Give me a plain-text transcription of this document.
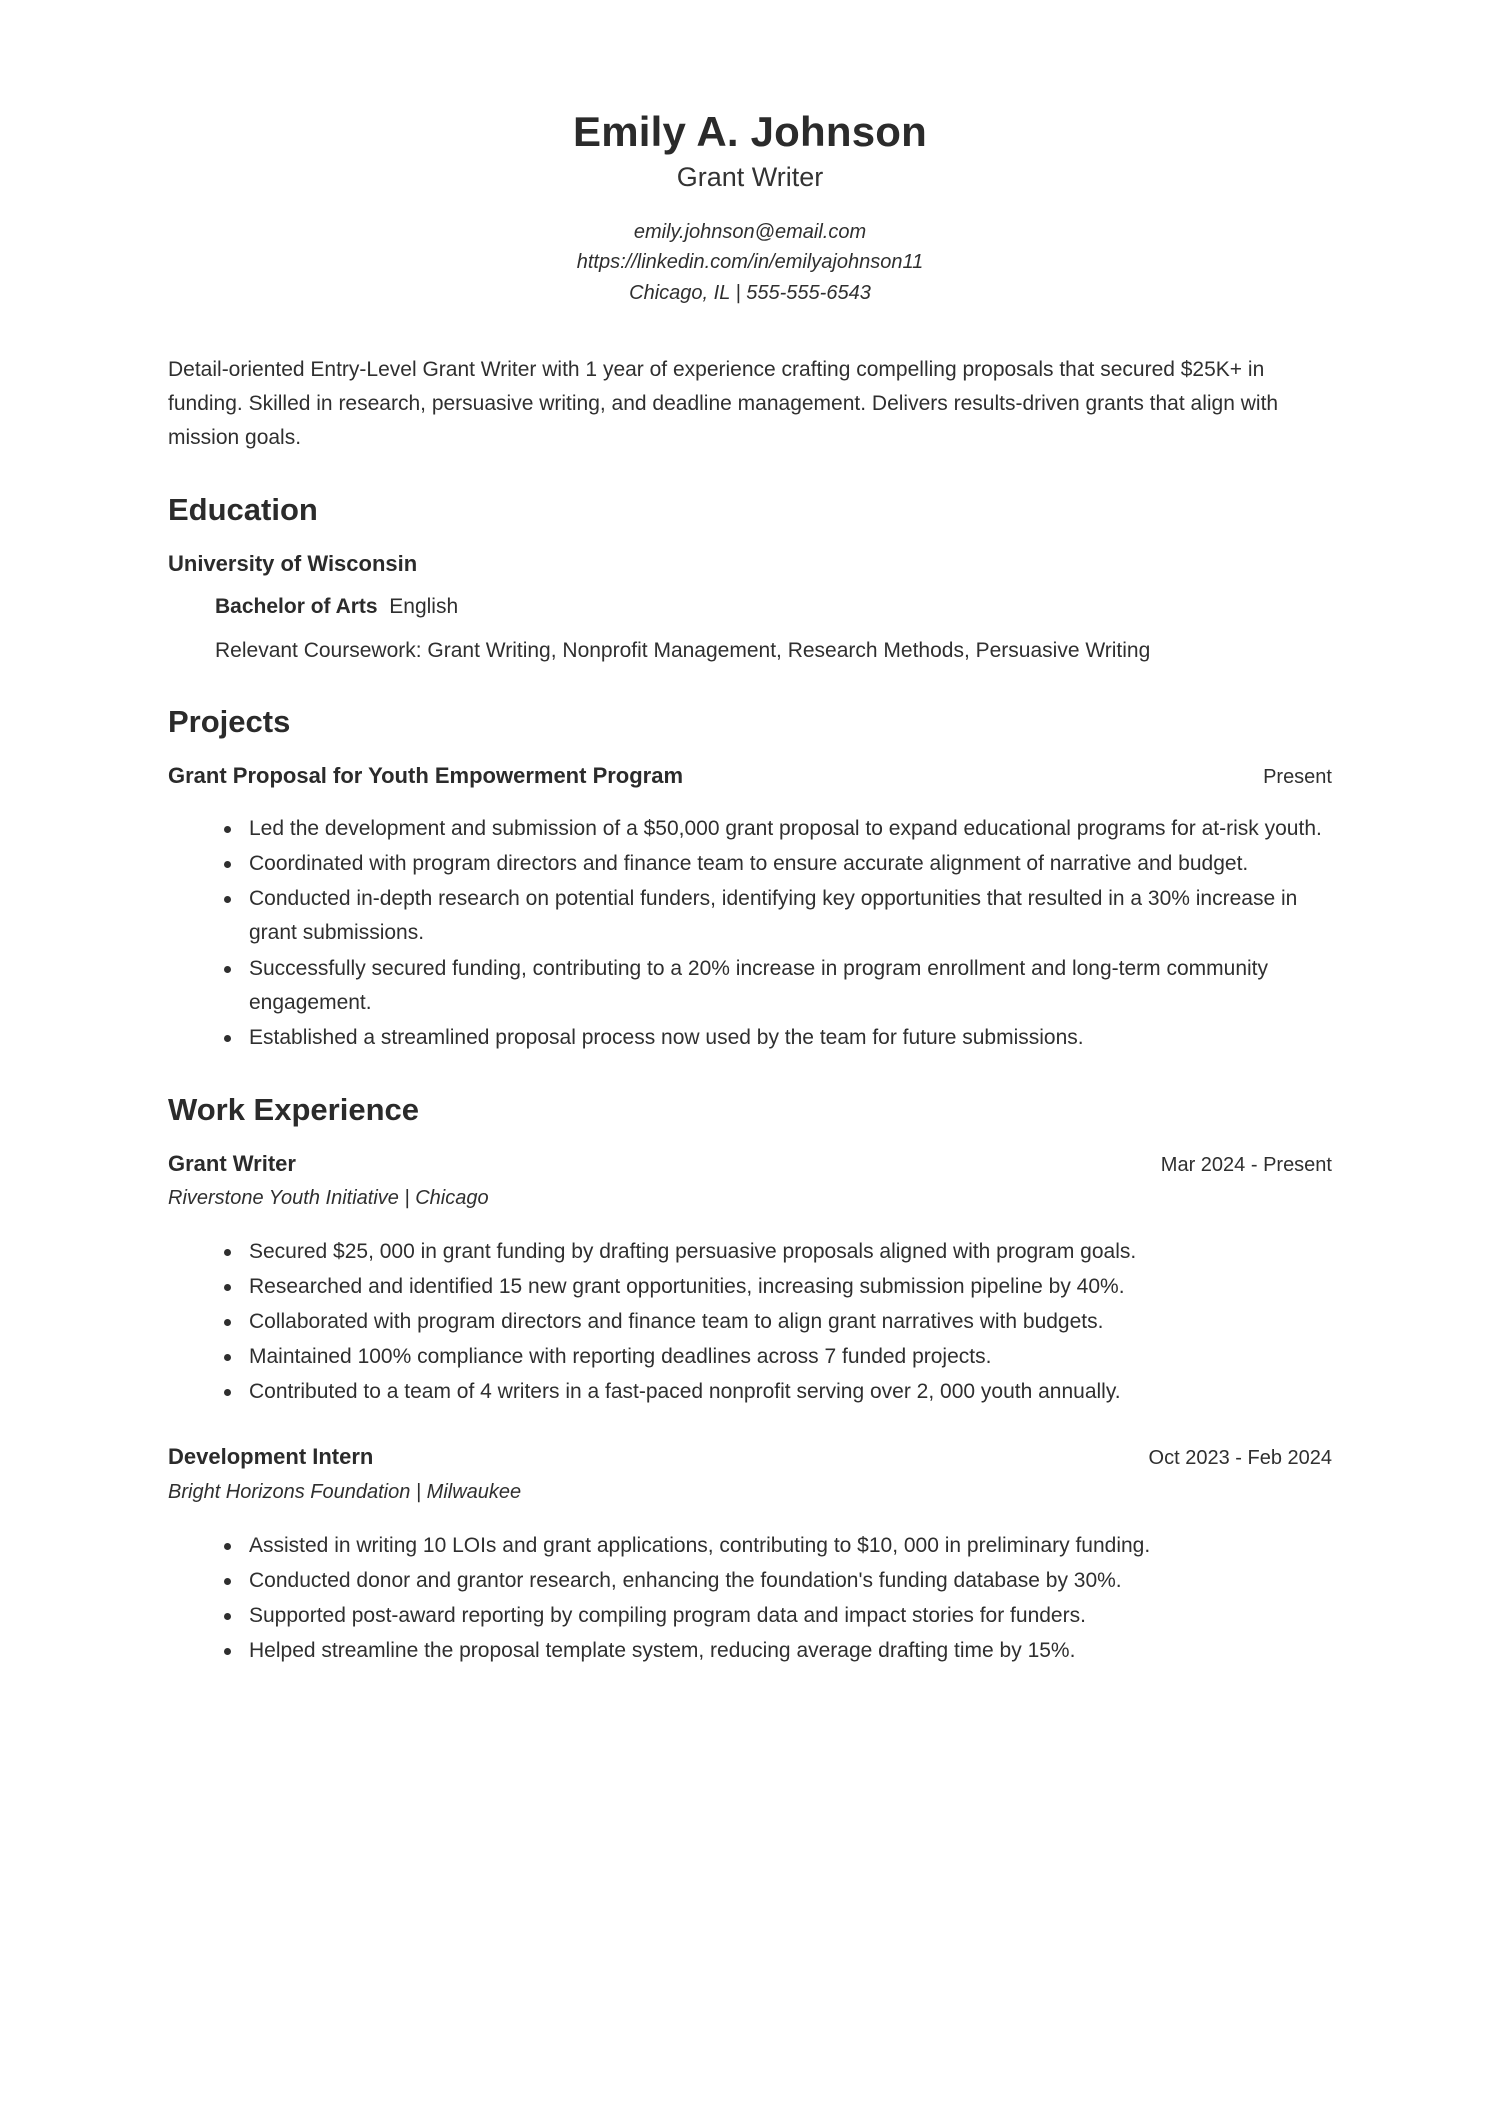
Emily A. Johnson
Grant Writer
emily.johnson@email.com
https://linkedin.com/in/emilyajohnson11
Chicago, IL | 555-555-6543
Detail-oriented Entry-Level Grant Writer with 1 year of experience crafting compelling proposals that secured $25K+ in funding. Skilled in research, persuasive writing, and deadline management. Delivers results-driven grants that align with mission goals.
Education
University of Wisconsin
Bachelor of Arts English
Relevant Coursework: Grant Writing, Nonprofit Management, Research Methods, Persuasive Writing
Projects
Grant Proposal for Youth Empowerment Program	Present
Led the development and submission of a $50,000 grant proposal to expand educational programs for at-risk youth.
Coordinated with program directors and finance team to ensure accurate alignment of narrative and budget.
Conducted in-depth research on potential funders, identifying key opportunities that resulted in a 30% increase in grant submissions.
Successfully secured funding, contributing to a 20% increase in program enrollment and long-term community engagement.
Established a streamlined proposal process now used by the team for future submissions.
Work Experience
Grant Writer	Mar 2024 - Present
Riverstone Youth Initiative | Chicago
Secured $25, 000 in grant funding by drafting persuasive proposals aligned with program goals.
Researched and identified 15 new grant opportunities, increasing submission pipeline by 40%.
Collaborated with program directors and finance team to align grant narratives with budgets.
Maintained 100% compliance with reporting deadlines across 7 funded projects.
Contributed to a team of 4 writers in a fast-paced nonprofit serving over 2, 000 youth annually.
Development Intern	Oct 2023 - Feb 2024
Bright Horizons Foundation | Milwaukee
Assisted in writing 10 LOIs and grant applications, contributing to $10, 000 in preliminary funding.
Conducted donor and grantor research, enhancing the foundation's funding database by 30%.
Supported post-award reporting by compiling program data and impact stories for funders.
Helped streamline the proposal template system, reducing average drafting time by 15%.
